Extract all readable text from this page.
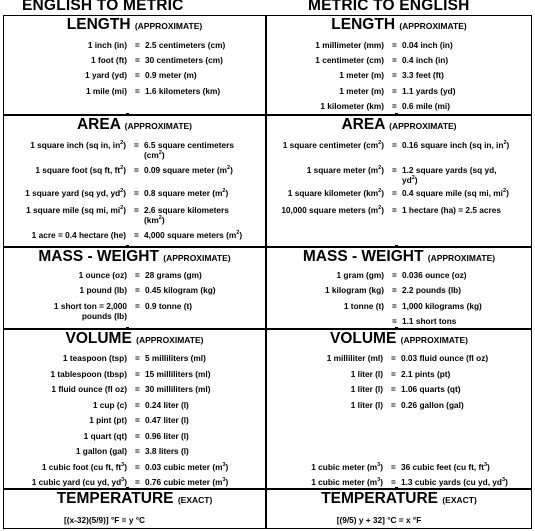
ENGLISH TO METRIC	METRIC TO ENGLISH
LENGTH (APPROXIMATE)
1 inch (in) = 2.5 centimeters (cm)
1 foot (ft) = 30 centimeters (cm)
1 yard (yd) = 0.9 meter (m)
1 mile (mi) = 1.6 kilometers (km)
LENGTH (APPROXIMATE)
1 millimeter (mm) = 0.04 inch (in)
1 centimeter (cm) = 0.4 inch (in)
1 meter (m) = 3.3 feet (ft)
1 meter (m) = 1.1 yards (yd)
1 kilometer (km) = 0.6 mile (mi)
AREA (APPROXIMATE)
1 square inch (sq in, $in^2) = 6.5$ square centimeters
$(cm^2)$
1 square foot (sq ft, $ft^2) = 0.09$ square meter $(m^2)$
1 square yard (sq yd, $yd^2) = 0.8$ square meter $(m^2)$
1 square mile (sq mi, $mi^2) = 2.6$ square kilometers
$(km^2)$
1 acre = 0.4 hectare (he) = 4,000 square meters $(m^2)$
AREA (APPROXIMATE)
1 square centimeter $(cm^2) = 0.16$ square inch (sq in, $in^2$)
1 square meter $(m^2) = 1.2$ square yards (sq yd,
$yd^2$)
1 square kilometer $(km^2) = 0.4$ square mile (sq mi, $mi^2$)
10,000 square meters $(m^2) = 1$ hectare (ha) = 2.5 acres
MASS - WEIGHT (APPROXIMATE)
1 ounce (oz) = 28 grams (gm)
1 pound (lb) = 0.45 kilogram (kg)
1 short ton = 2,000
pounds (lb)
= 0.9 tonne (t)
MASS - WEIGHT (APPROXIMATE)
1 gram (gm) = 0.036 ounce (oz)
1 kilogram (kg) = 2.2 pounds (lb)
1 tonne (t) = 1,000 kilograms (kg)
= 1.1 short tons
VOLUME (APPROXIMATE)
1 teaspoon (tsp) = 5 milliliters (ml)
1 tablespoon (tbsp) = 15 milliliters (ml)
1 fluid ounce (fl oz) = 30 milliliters (ml)
1 cup (c) = 0.24 liter (l)
1 pint (pt) = 0.47 liter (l)
1 quart (qt) = 0.96 liter (l)
1 gallon (gal) = 3.8 liters (l)
1 cubic foot (cu ft, $ft^3) = 0.03$ cubic meter $(m^3)$
1 cubic yard (cu yd, $yd^3) = 0.76$ cubic meter $(m^3)$
VOLUME (APPROXIMATE)
1 milliliter (ml) = 0.03 fluid ounce (fl oz)
1 liter (l) = 2.1 pints (pt)
1 liter (l) = 1.06 quarts (qt)
1 liter (l) = 0.26 gallon (gal)
1 cubic meter $(m^3) = 36$ cubic feet (cu ft, $ft^3$)
1 cubic meter $(m^3) = 1.3$ cubic yards (cu yd, $yd^3$)
TEMPERATURE (EXACT)
[(x-32)(5/9)] °F = y °C
TEMPERATURE (EXACT)
[(9/5) y + 32] °C = x °F
